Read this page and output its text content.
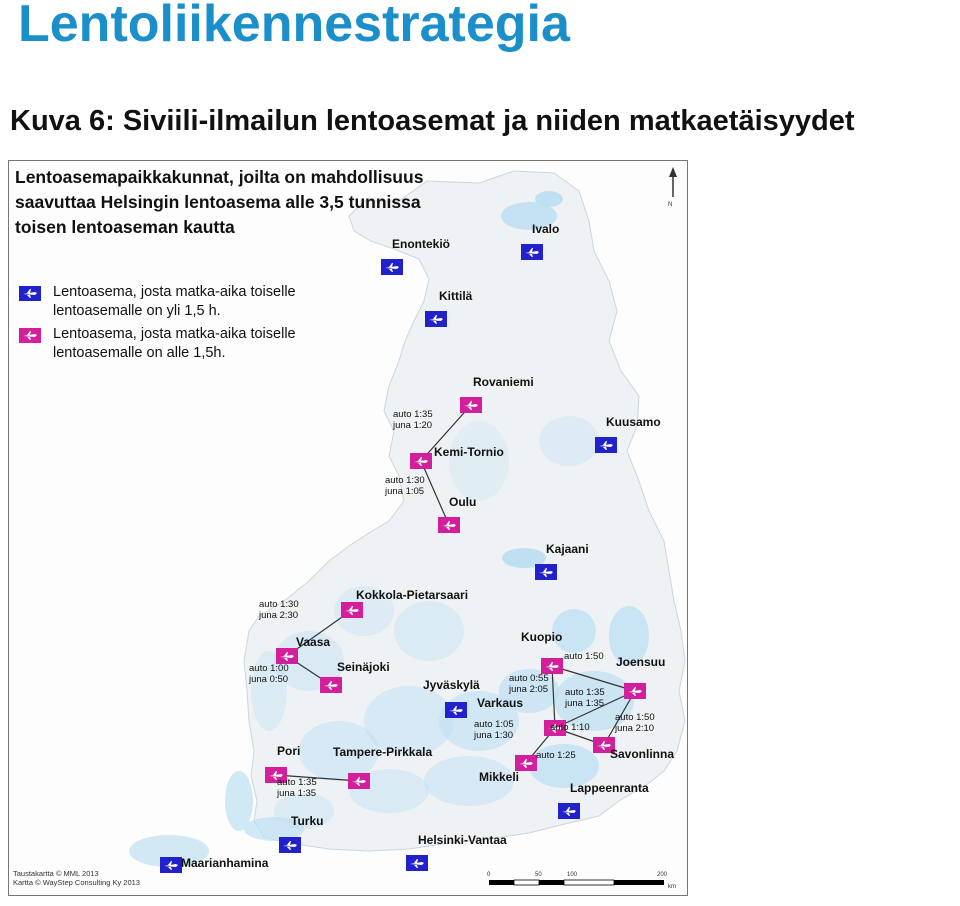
Lentoliikennestrategia
Kuva 6: Siviili-ilmailun lentoasemat ja niiden matkaetäisyydet
N
Enontekiö
Ivalo
Kittilä
Rovaniemi
Kuusamo
Kemi-Tornio
Oulu
Kajaani
Kokkola-Pietarsaari
Vaasa
Seinäjoki
Kuopio
Joensuu
Jyväskylä
Varkaus
Savonlinna
Pori	Tampere-Pirkkala
Mikkeli
Lappeenranta
Turku
Helsinki-Vantaa
Maarianhamina
auto 1:35 juna 1:20
auto 1:30 juna 1:05
auto 1:30 juna 2:30
auto 1:00 juna 0:50
auto 1:50
auto 0:55 juna 2:05 auto 1:35 juna 1:35
auto 1:50 juna 2:10
auto 1:05 juna 1:30
auto 1:10
auto 1:25
auto 1:35 juna 1:35
0	50	100	200
km
Lentoasemapaikkakunnat, joilta on mahdollisuus
saavuttaa Helsingin lentoasema alle 3,5 tunnissa
toisen lentoaseman kautta
Lentoasema, josta matka-aika toiselle
lentoasemalle on yli 1,5 h.
Lentoasema, josta matka-aika toiselle
lentoasemalle on alle 1,5h.
Taustakartta © MML 2013
Kartta © WayStep Consulting Ky 2013
